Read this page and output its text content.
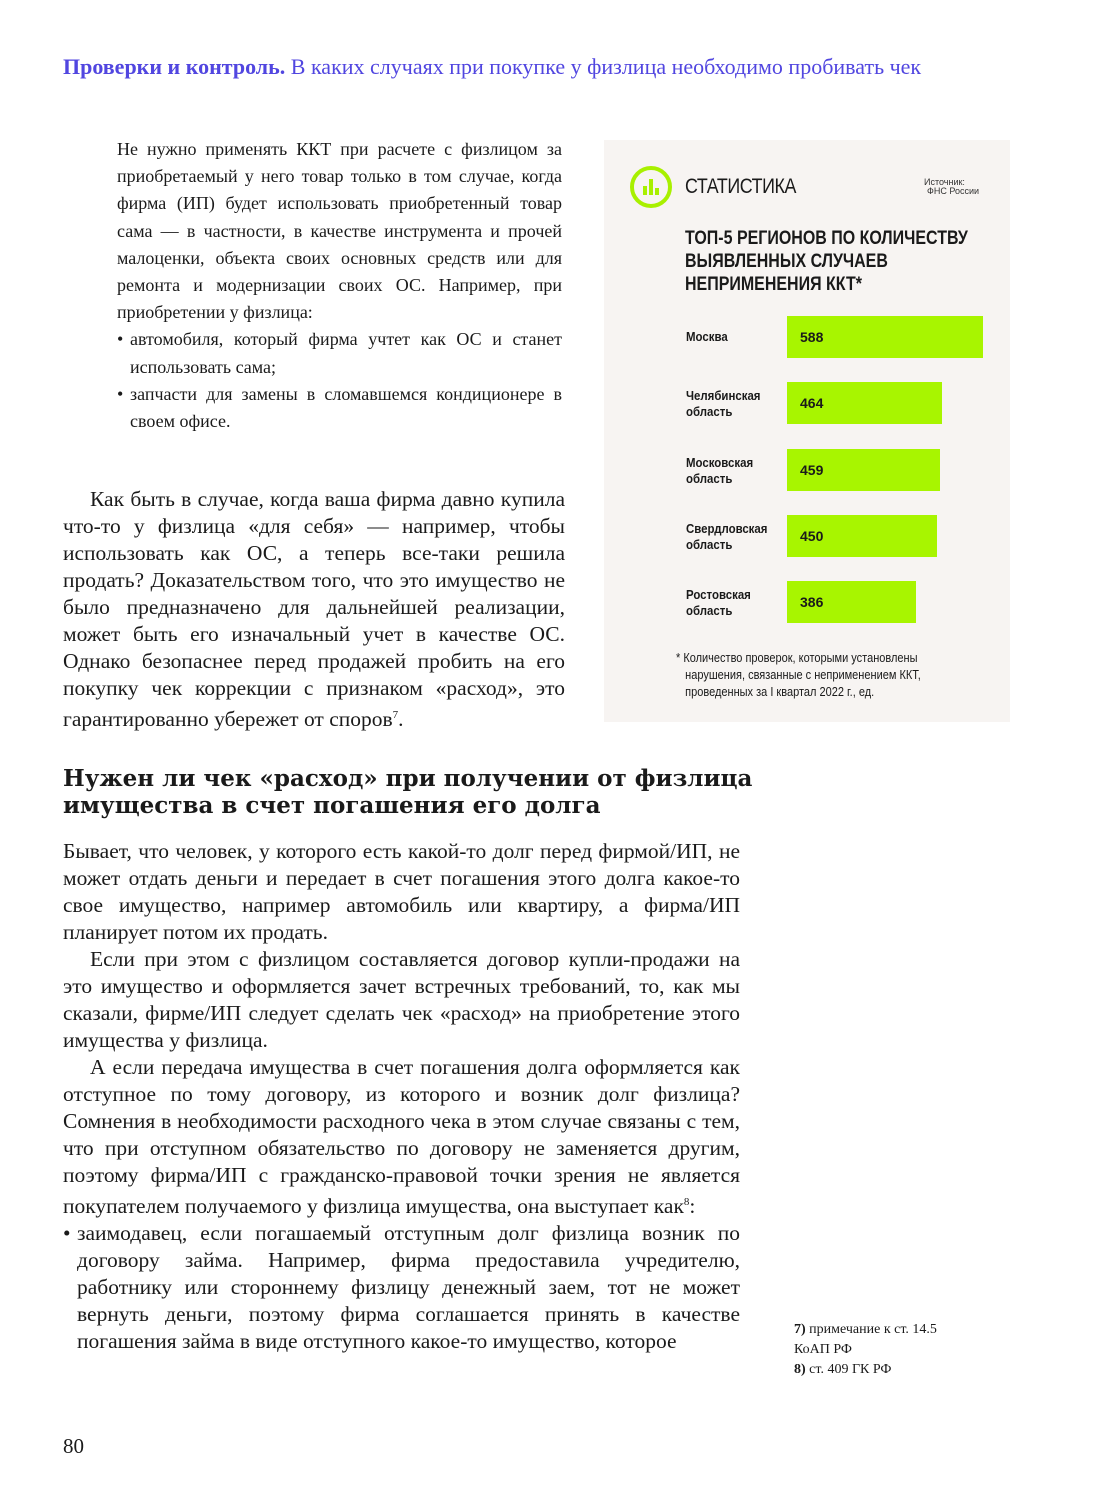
Проверки и контроль. В каких случаях при покупке у физлица необходимо пробивать чек

Не нужно применять ККТ при расчете с физлицом за приобретаемый у него товар только в том случае, когда фирма (ИП) будет использовать приобретенный товар сама — в частности, в качестве инструмента и прочей малоценки, объекта своих основных средств или для ремонта и модернизации своих ОС. Например, при приобретении у физлица:

• автомобиля, который фирма учтет как ОС и станет использовать сама;
• запчасти для замены в сломавшемся кондиционере в своем офисе.
Как быть в случае, когда ваша фирма давно купила что-то у физлица «для себя» — например, чтобы использовать как ОС, а теперь все-таки решила продать? Доказательством того, что это имущество не было предназначено для дальнейшей реализации, может быть его изначальный учет в качестве ОС. Однако безопаснее перед продажей пробить на его покупку чек коррекции с признаком «расход», это гарантированно убережет от споров$^7$.
Нужен ли чек «расход» при получении от физлица имущества в счет погашения его долга

Бывает, что человек, у которого есть какой-то долг перед фирмой/ИП, не может отдать деньги и передает в счет погашения этого долга какое-то свое имущество, например автомобиль или квартиру, а фирма/ИП планирует потом их продать.

Если при этом с физлицом составляется договор купли-продажи на это имущество и оформляется зачет встречных требований, то, как мы сказали, фирме/ИП следует сделать чек «расход» на приобретение этого имущества у физлица.

А если передача имущества в счет погашения долга оформляется как отступное по тому договору, из которого и возник долг физлица? Сомнения в необходимости расходного чека в этом случае связаны с тем, что при отступном обязательство по договору не заменяется другим, поэтому фирма/ИП с гражданско-правовой точки зрения не является покупателем получаемого у физлица имущества, она выступает как$^8$:

• заимодавец, если погашаемый отступным долг физлица возник по договору займа. Например, фирма предоставила учредителю, работнику или стороннему физлицу денежный заем, тот не может вернуть деньги, поэтому фирма соглашается принять в качестве погашения займа в виде отступного какое-то имущество, которое
СТАТИСТИКА	Источник:
ФНС России
ТОП-5 РЕГИОНОВ ПО КОЛИЧЕСТВУ
ВЫЯВЛЕННЫХ СЛУЧАЕВ
НЕПРИМЕНЕНИЯ ККТ*
Москва	588
Челябинская
область
464
Московская
область
459
Свердловская
область
450
Ростовская
область
386
* Количество проверок, которыми установлены
нарушения, связанные с неприменением ККТ,
проведенных за I квартал 2022 г., ед.
7) примечание к ст. 14.5 КоАП РФ
8) ст. 409 ГК РФ
80
